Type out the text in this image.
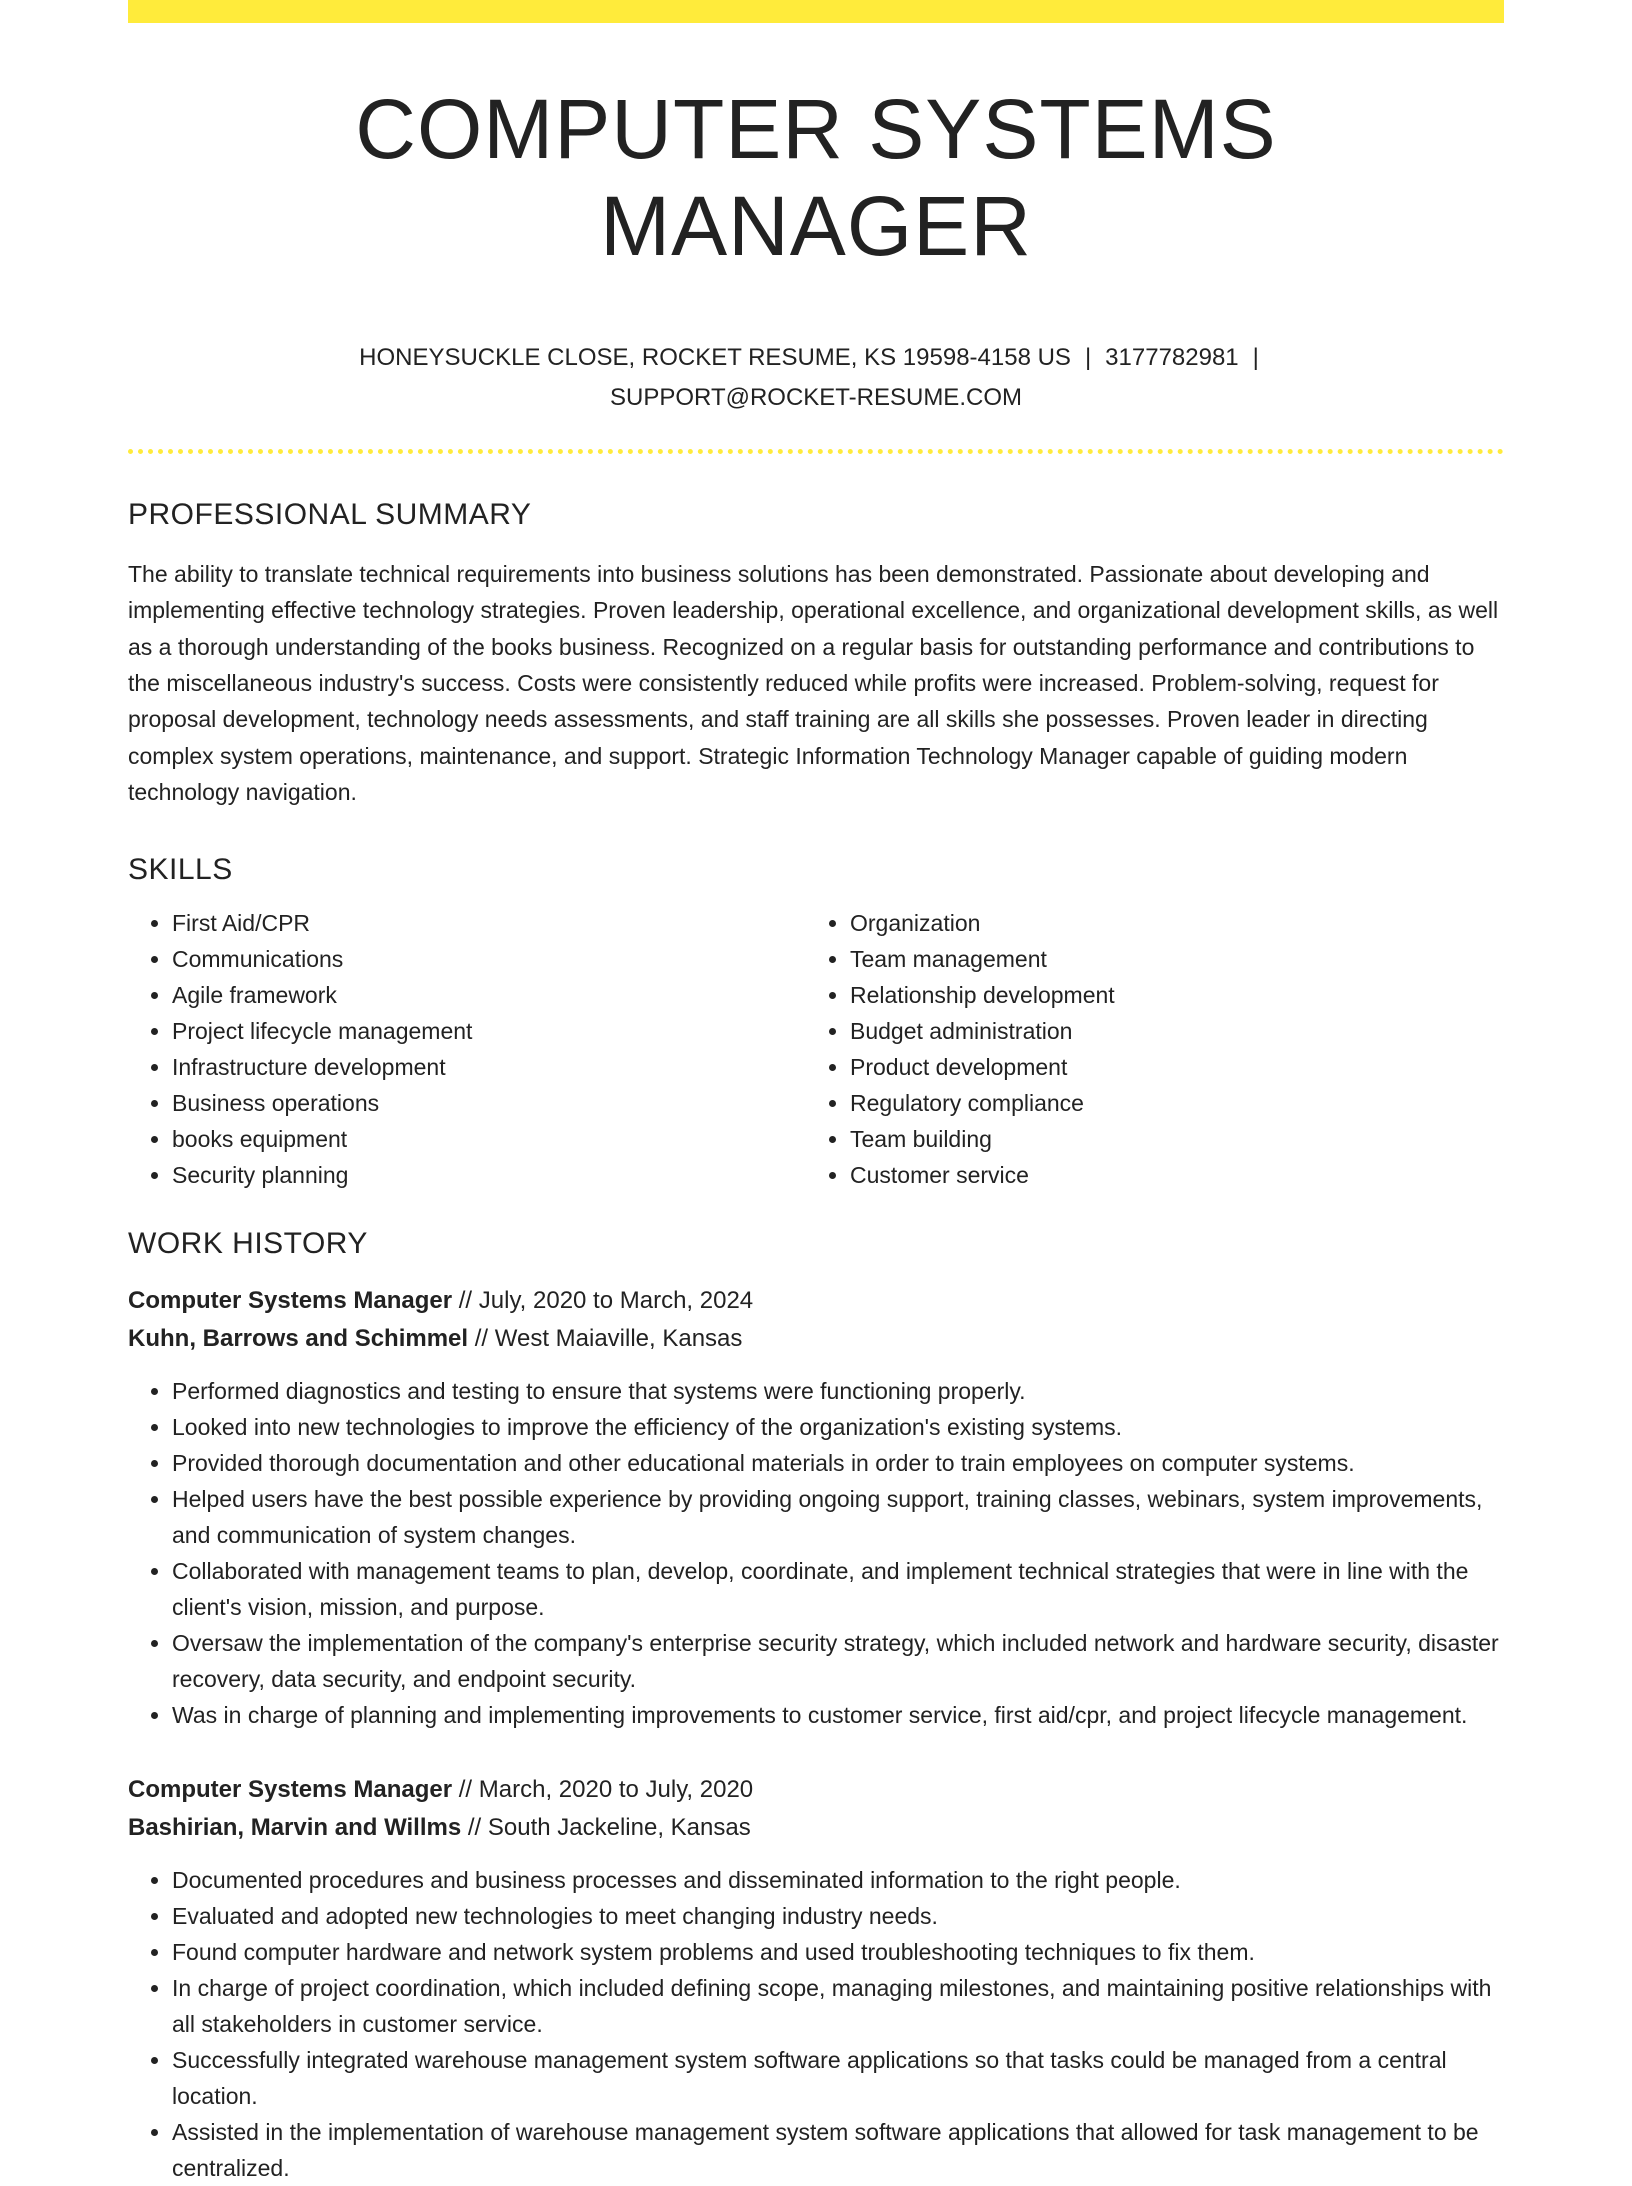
COMPUTER SYSTEMS MANAGER
HONEYSUCKLE CLOSE, ROCKET RESUME, KS 19598-4158 US | 3177782981 |
SUPPORT@ROCKET-RESUME.COM
PROFESSIONAL SUMMARY

The ability to translate technical requirements into business solutions has been demonstrated. Passionate about developing and implementing effective technology strategies. Proven leadership, operational excellence, and organizational development skills, as well as a thorough understanding of the books business. Recognized on a regular basis for outstanding performance and contributions to the miscellaneous industry's success. Costs were consistently reduced while profits were increased. Problem-solving, request for proposal development, technology needs assessments, and staff training are all skills she possesses. Proven leader in directing complex system operations, maintenance, and support. Strategic Information Technology Manager capable of guiding modern technology navigation.

SKILLS
• First Aid/CPR
• Communications
• Agile framework
• Project lifecycle management
• Infrastructure development
• Business operations
• books equipment
• Security planning
• Organization
• Team management
• Relationship development
• Budget administration
• Product development
• Regulatory compliance
• Team building
• Customer service
WORK HISTORY
Computer Systems Manager // July, 2020 to March, 2024
Kuhn, Barrows and Schimmel // West Maiaville, Kansas
• Performed diagnostics and testing to ensure that systems were functioning properly.
• Looked into new technologies to improve the efficiency of the organization's existing systems.
• Provided thorough documentation and other educational materials in order to train employees on computer systems.
• Helped users have the best possible experience by providing ongoing support, training classes, webinars, system improvements, and communication of system changes.
• Collaborated with management teams to plan, develop, coordinate, and implement technical strategies that were in line with the client's vision, mission, and purpose.
• Oversaw the implementation of the company's enterprise security strategy, which included network and hardware security, disaster recovery, data security, and endpoint security.
• Was in charge of planning and implementing improvements to customer service, first aid/cpr, and project lifecycle management.
Computer Systems Manager // March, 2020 to July, 2020
Bashirian, Marvin and Willms // South Jackeline, Kansas
• Documented procedures and business processes and disseminated information to the right people.
• Evaluated and adopted new technologies to meet changing industry needs.
• Found computer hardware and network system problems and used troubleshooting techniques to fix them.
• In charge of project coordination, which included defining scope, managing milestones, and maintaining positive relationships with all stakeholders in customer service.
• Successfully integrated warehouse management system software applications so that tasks could be managed from a central location.
• Assisted in the implementation of warehouse management system software applications that allowed for task management to be centralized.
